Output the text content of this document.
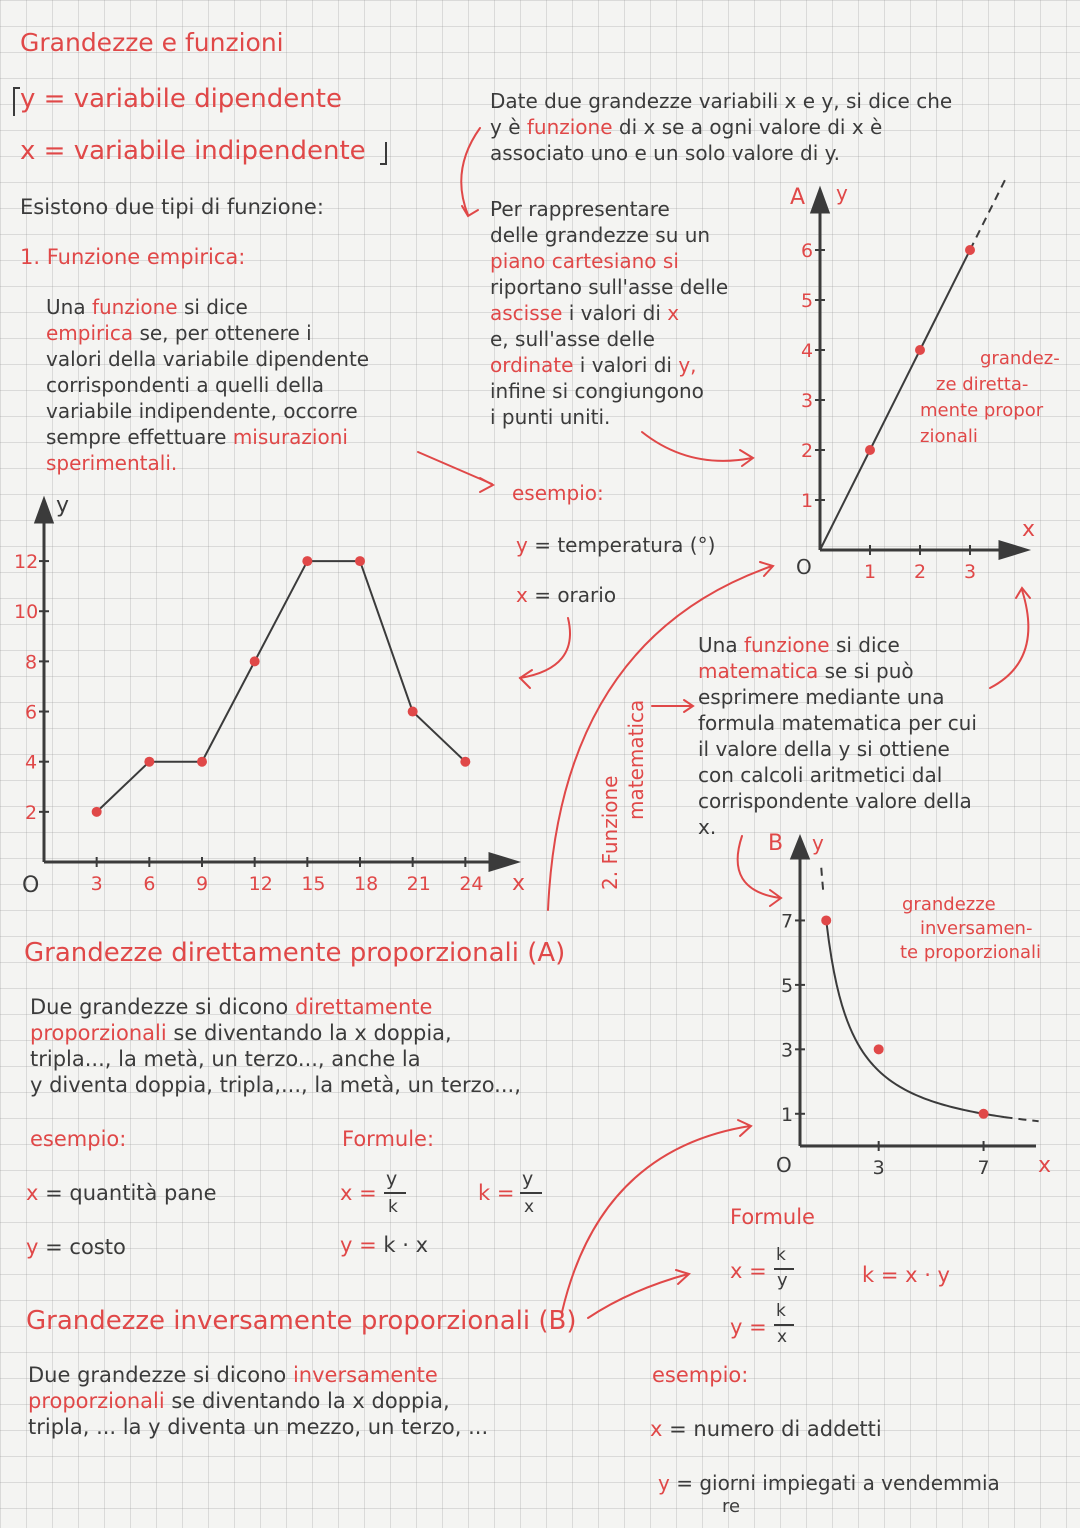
Grandezze e funzioni
y = variabile dipendente
x = variabile indipendente
Esistono due tipi di funzione:
1. Funzione empirica:
Una funzione si dice
empirica se, per ottenere i
valori della variabile dipendente
corrispondenti a quelli della
variabile indipendente, occorre
sempre effettuare misurazioni
sperimentali.
Date due grandezze variabili x e y, si dice che
y è funzione di x se a ogni valore di x è
associato uno e un solo valore di y.
Per rappresentare
delle grandezze su un
piano cartesiano si
riportano sull'asse delle
ascisse i valori di x
e, sull'asse delle
ordinate i valori di y,
infine si congiungono
i punti uniti.
esempio:
y = temperatura (°)
x = orario
2. Funzione
matematica
Una funzione si dice
matematica se si può
esprimere mediante una
formula matematica per cui
il valore della y si ottiene
con calcoli aritmetici dal
corrispondente valore della
x.
grandez-
ze diretta-
mente propor
zionali
grandezze
inversamen-
te proporzionali
Grandezze direttamente proporzionali (A)
Due grandezze si dicono direttamente
proporzionali se diventando la x doppia,
tripla..., la metà, un terzo..., anche la
y diventa doppia, tripla,..., la metà, un terzo...,
esempio:
x = quantità pane
y = costo
Formule:
x =
y
k
k =
y
x
y = k · x
Grandezze inversamente proporzionali (B)
Due grandezze si dicono inversamente
proporzionali se diventando la x doppia,
tripla, ... la y diventa un mezzo, un terzo, ...
Formule
x =
k
y	k = x · y
y =
k
x
esempio:
x = numero di addetti
y = giorni impiegati a vendemmia
re
3 6 9 12 15 18 21 24
2
4
6
8
10
12
y
x
O
1 2 3
1
2
3
4
5
6
A y
x
O
3	7
1
3
5
7
B y
x
O
